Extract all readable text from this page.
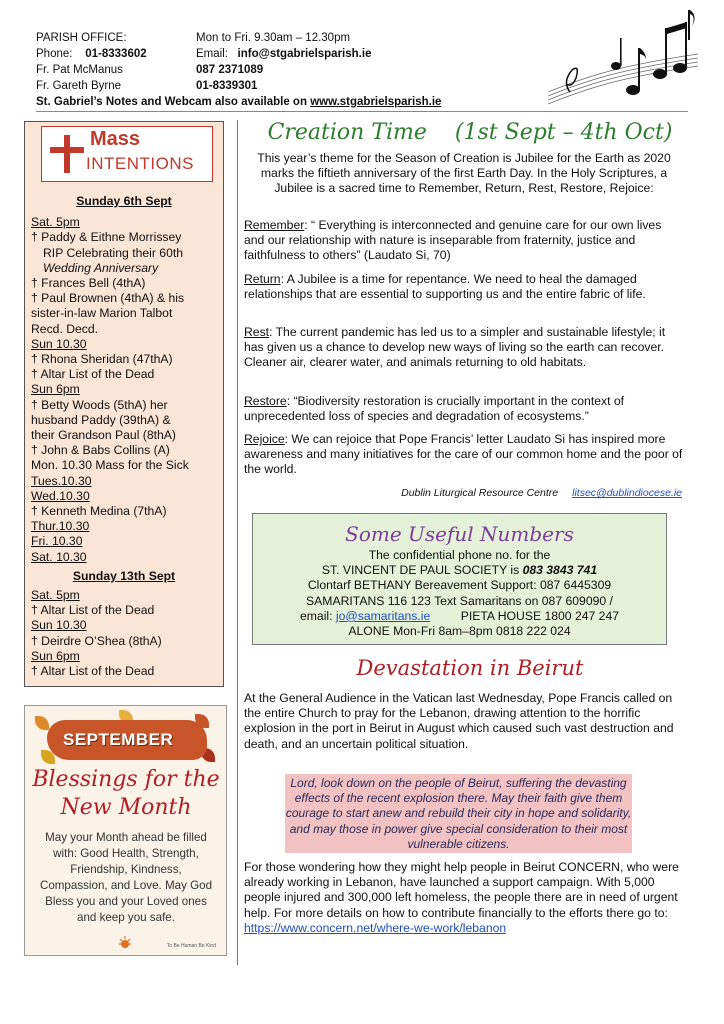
PARISH OFFICE:	Mon to Fri. 9.30am – 12.30pm
Phone: 01-8333602	Email: info@stgabrielsparish.ie
Fr. Pat McManus	087 2371089
Fr. Gareth Byrne	01-8339301
St. Gabriel’s Notes and Webcam also available on www.stgabrielsparish.ie
Mass
INTENTIONS
Sunday 6th Sept
Sat. 5pm
† Paddy & Eithne Morrissey
RIP Celebrating their 60th
Wedding Anniversary
† Frances Bell (4thA)
† Paul Brownen (4thA) & his
sister-in-law Marion Talbot
Recd. Decd.
Sun 10.30
† Rhona Sheridan (47thA)
† Altar List of the Dead
Sun 6pm
† Betty Woods (5thA) her
husband Paddy (39thA) &
their Grandson Paul (8thA)
† John & Babs Collins (A)
Mon. 10.30 Mass for the Sick
Tues.10.30
Wed.10.30
† Kenneth Medina (7thA)
Thur.10.30
Fri. 10.30
Sat. 10.30
Sunday 13th Sept
Sat. 5pm
† Altar List of the Dead
Sun 10.30
† Deirdre O’Shea (8thA)
Sun 6pm
† Altar List of the Dead
SEPTEMBER
Blessings for the New Month
May your Month ahead be filled with: Good Health, Strength, Friendship, Kindness, Compassion, and Love. May God Bless you and your Loved ones and keep you safe.
To Be Human Be Kind
Creation Time (1st Sept – 4th Oct)
This year’s theme for the Season of Creation is Jubilee for the Earth as 2020 marks the fiftieth anniversary of the first Earth Day. In the Holy Scriptures, a Jubilee is a sacred time to Remember, Return, Rest, Restore, Rejoice:
Remember: “ Everything is interconnected and genuine care for our own lives and our relationship with nature is inseparable from fraternity, justice and faithfulness to others” (Laudato Si, 70)
Return: A Jubilee is a time for repentance. We need to heal the damaged relationships that are essential to supporting us and the entire fabric of life.
Rest: The current pandemic has led us to a simpler and sustainable lifestyle; it has given us a chance to develop new ways of living so the earth can recover. Cleaner air, clearer water, and animals returning to old habitats.
Restore: “Biodiversity restoration is crucially important in the context of unprecedented loss of species and degradation of ecosystems.”
Rejoice: We can rejoice that Pope Francis’ letter Laudato Si has inspired more awareness and many initiatives for the care of our common home and the poor of the world.
Dublin Liturgical Resource Centre litsec@dublindiocese.ie
Some Useful Numbers
The confidential phone no. for the
ST. VINCENT DE PAUL SOCIETY is 083 3843 741
Clontarf BETHANY Bereavement Support: 087 6445309
SAMARITANS 116 123 Text Samaritans on 087 609090 /
email: jo@samaritans.ie         PIETA HOUSE 1800 247 247
ALONE Mon-Fri 8am–8pm 0818 222 024
Devastation in Beirut
At the General Audience in the Vatican last Wednesday, Pope Francis called on the entire Church to pray for the Lebanon, drawing attention to the horrific explosion in the port in Beirut in August which caused such vast destruction and death, and an uncertain political situation.
Lord, look down on the people of Beirut, suffering the devasting effects of the recent explosion there. May their faith give them courage to start anew and rebuild their city in hope and solidarity, and may those in power give special consideration to their most vulnerable citizens.
For those wondering how they might help people in Beirut CONCERN, who were already working in Lebanon, have launched a support campaign. With 5,000 people injured and 300,000 left homeless, the people there are in need of urgent help. For more details on how to contribute financially to the efforts there go to: https://www.concern.net/where-we-work/lebanon
